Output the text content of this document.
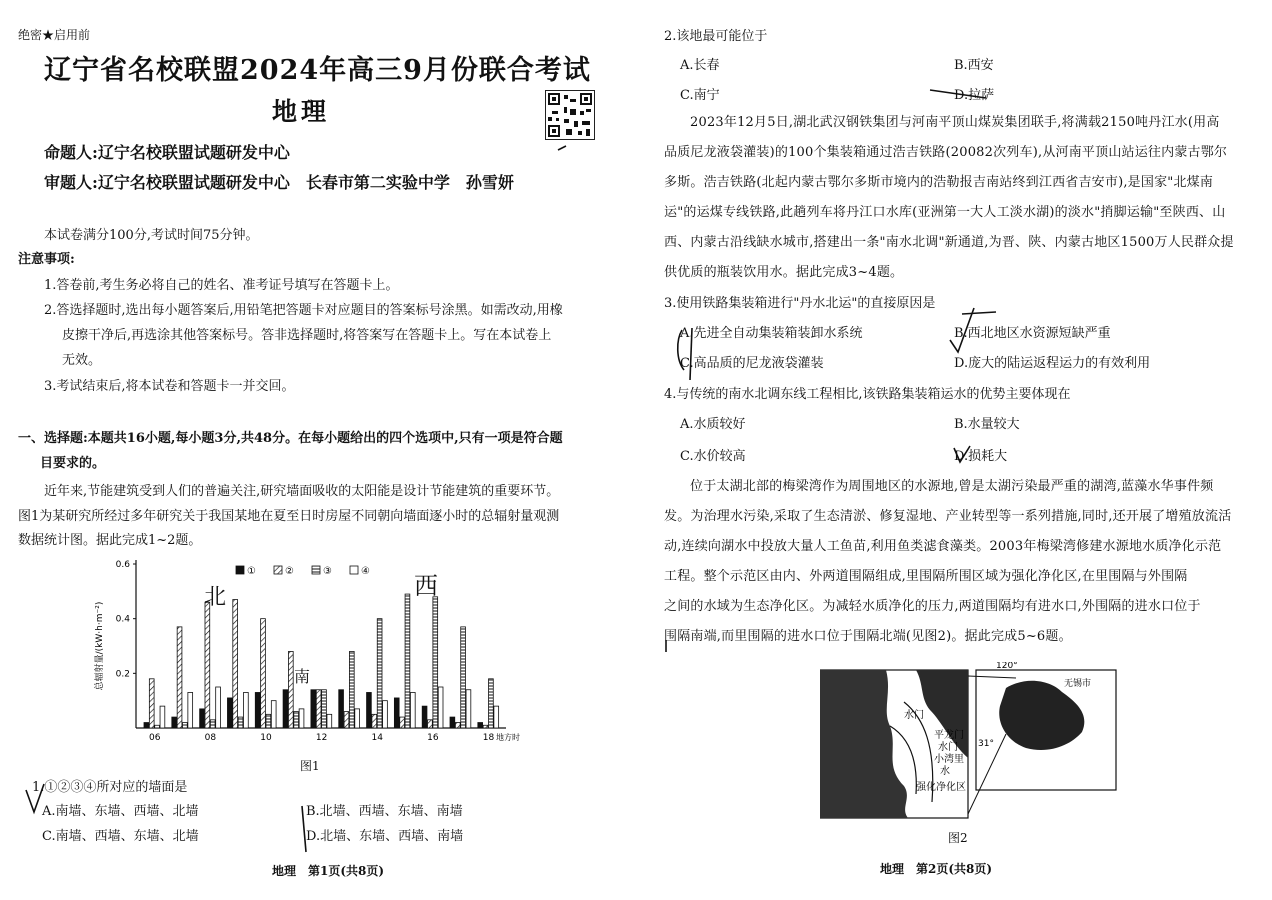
绝密★启用前
辽宁省名校联盟2024年高三9月份联合考试
地理
命题人:辽宁名校联盟试题研发中心
审题人:辽宁名校联盟试题研发中心　长春市第二实验中学　孙雪妍
本试卷满分100分,考试时间75分钟。
注意事项:
1.答卷前,考生务必将自己的姓名、准考证号填写在答题卡上。
2.答选择题时,选出每小题答案后,用铅笔把答题卡对应题目的答案标号涂黑。如需改动,用橡
皮擦干净后,再选涂其他答案标号。答非选择题时,将答案写在答题卡上。写在本试卷上
无效。
3.考试结束后,将本试卷和答题卡一并交回。
一、选择题:本题共16小题,每小题3分,共48分。在每小题给出的四个选项中,只有一项是符合题
目要求的。
近年来,节能建筑受到人们的普遍关注,研究墙面吸收的太阳能是设计节能建筑的重要环节。
图1为某研究所经过多年研究关于我国某地在夏至日时房屋不同朝向墙面逐小时的总辐射量观测
数据统计图。据此完成1~2题。
0.6
0.4
0.2
总辐射量/(kW·h·m⁻²)
06	08	10	12	14	16	18 地方时
①	②	③	④
图1
1.①②③④所对应的墙面是
A.南墙、东墙、西墙、北墙	B.北墙、西墙、东墙、南墙
C.南墙、西墙、东墙、北墙	D.北墙、东墙、西墙、南墙
地理　第1页(共8页)
北	西
南
2.该地最可能位于
A.长春	B.西安
C.南宁	D.拉萨
2023年12月5日,湖北武汉钢铁集团与河南平顶山煤炭集团联手,将满载2150吨丹江水(用高
品质尼龙液袋灌装)的100个集装箱通过浩吉铁路(20082次列车),从河南平顶山站运往内蒙古鄂尔
多斯。浩吉铁路(北起内蒙古鄂尔多斯市境内的浩勒报吉南站终到江西省吉安市),是国家"北煤南
运"的运煤专线铁路,此趟列车将丹江口水库(亚洲第一大人工淡水湖)的淡水"捎脚运输"至陕西、山
西、内蒙古沿线缺水城市,搭建出一条"南水北调"新通道,为晋、陕、内蒙古地区1500万人民群众提
供优质的瓶装饮用水。据此完成3~4题。
3.使用铁路集装箱进行"丹水北运"的直接原因是
A.先进全自动集装箱装卸水系统	B.西北地区水资源短缺严重
C.高品质的尼龙液袋灌装	D.庞大的陆运返程运力的有效利用
4.与传统的南水北调东线工程相比,该铁路集装箱运水的优势主要体现在
A.水质较好	B.水量较大
C.水价较高	D.损耗大
位于太湖北部的梅梁湾作为周围地区的水源地,曾是太湖污染最严重的湖湾,蓝藻水华事件频
发。为治理水污染,采取了生态清淤、修复湿地、产业转型等一系列措施,同时,还开展了增殖放流活
动,连续向湖水中投放大量人工鱼苗,利用鱼类滤食藻类。2003年梅梁湾修建水源地水质净化示范
工程。整个示范区由内、外两道围隔组成,里围隔所围区域为强化净化区,在里围隔与外围隔
之间的水域为生态净化区。为减轻水质净化的压力,两道围隔均有进水口,外围隔的进水口位于
围隔南端,而里围隔的进水口位于围隔北端(见图2)。据此完成5~6题。
水门
平龙门
水门
小湾里
水
强化净化区
120°
31°
无锡市
图2
地理　第2页(共8页)
